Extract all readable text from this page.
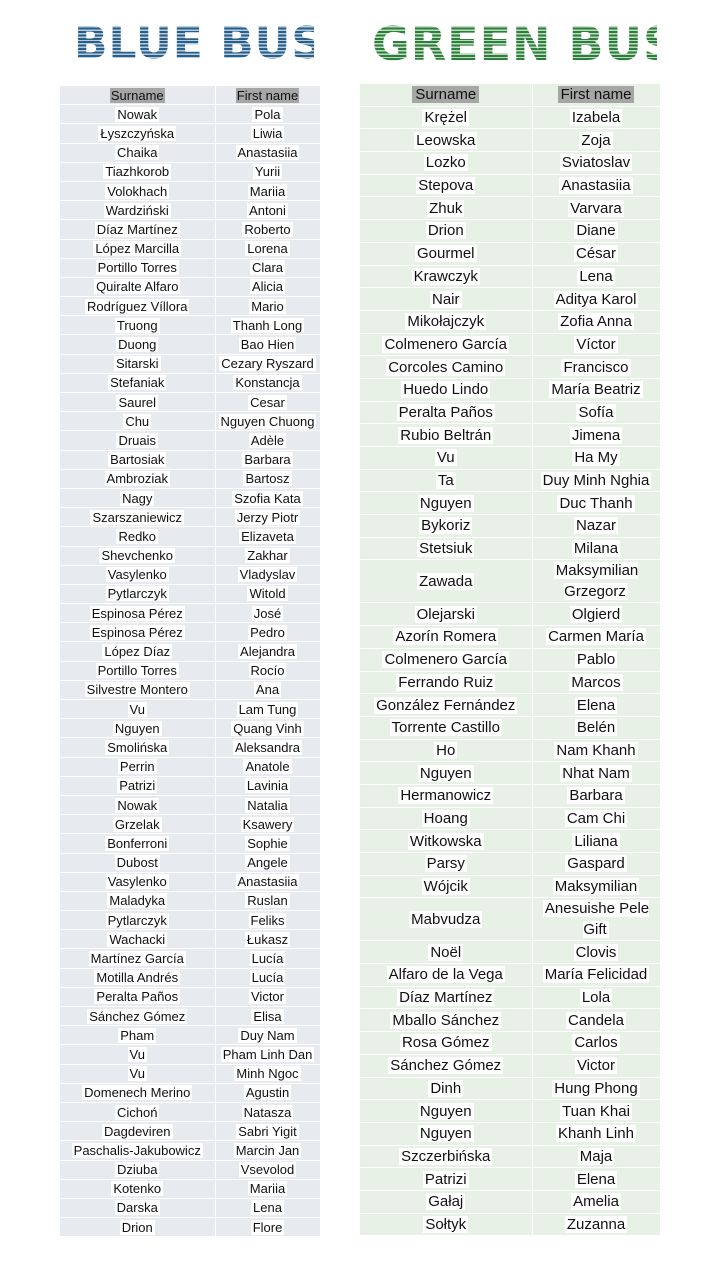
BLUE BUS GREEN BUS
Surname	First name
Nowak	Pola
Łyszczyńska	Liwia
Chaika	Anastasiia
Tiazhkorob	Yurii
Volokhach	Mariia
Wardziński	Antoni
Díaz Martínez	Roberto
López Marcilla	Lorena
Portillo Torres	Clara
Quiralte Alfaro	Alicia
Rodríguez Víllora	Mario
Truong	Thanh Long
Duong	Bao Hien
Sitarski	Cezary Ryszard
Stefaniak	Konstancja
Saurel	Cesar
Chu	Nguyen Chuong
Druais	Adèle
Bartosiak	Barbara
Ambroziak	Bartosz
Nagy	Szofia Kata
Szarszaniewicz	Jerzy Piotr
Redko	Elizaveta
Shevchenko	Zakhar
Vasylenko	Vladyslav
Pytlarczyk	Witold
Espinosa Pérez	José
Espinosa Pérez	Pedro
López Díaz	Alejandra
Portillo Torres	Rocío
Silvestre Montero	Ana
Vu	Lam Tung
Nguyen	Quang Vinh
Smolińska	Aleksandra
Perrin	Anatole
Patrizi	Lavinia
Nowak	Natalia
Grzelak	Ksawery
Bonferroni	Sophie
Dubost	Angele
Vasylenko	Anastasiia
Maladyka	Ruslan
Pytlarczyk	Feliks
Wachacki	Łukasz
Martínez García	Lucía
Motilla Andrés	Lucía
Peralta Paños	Victor
Sánchez Gómez	Elisa
Pham	Duy Nam
Vu	Pham Linh Dan
Vu	Minh Ngoc
Domenech Merino	Agustin
Cichoń	Natasza
Dagdeviren	Sabri Yigit
Paschalis-Jakubowicz	Marcin Jan
Dziuba	Vsevolod
Kotenko	Mariia
Darska	Lena
Drion	Flore
Surname	First name
Krężel	Izabela
Leowska	Zoja
Lozko	Sviatoslav
Stepova	Anastasiia
Zhuk	Varvara
Drion	Diane
Gourmel	César
Krawczyk	Lena
Nair	Aditya Karol
Mikołajczyk	Zofia Anna
Colmenero García	Víctor
Corcoles Camino	Francisco
Huedo Lindo	María Beatriz
Peralta Paños	Sofía
Rubio Beltrán	Jimena
Vu	Ha My
Ta	Duy Minh Nghia
Nguyen	Duc Thanh
Bykoriz	Nazar
Stetsiuk	Milana
Zawada	Maksymilian Grzegorz
Olejarski	Olgierd
Azorín Romera	Carmen María
Colmenero García	Pablo
Ferrando Ruiz	Marcos
González Fernández	Elena
Torrente Castillo	Belén
Ho	Nam Khanh
Nguyen	Nhat Nam
Hermanowicz	Barbara
Hoang	Cam Chi
Witkowska	Liliana
Parsy	Gaspard
Wójcik	Maksymilian
Mabvudza	Anesuishe Pele Gift
Noël	Clovis
Alfaro de la Vega	María Felicidad
Díaz Martínez	Lola
Mballo Sánchez	Candela
Rosa Gómez	Carlos
Sánchez Gómez	Victor
Dinh	Hung Phong
Nguyen	Tuan Khai
Nguyen	Khanh Linh
Szczerbińska	Maja
Patrizi	Elena
Gałaj	Amelia
Sołtyk	Zuzanna
